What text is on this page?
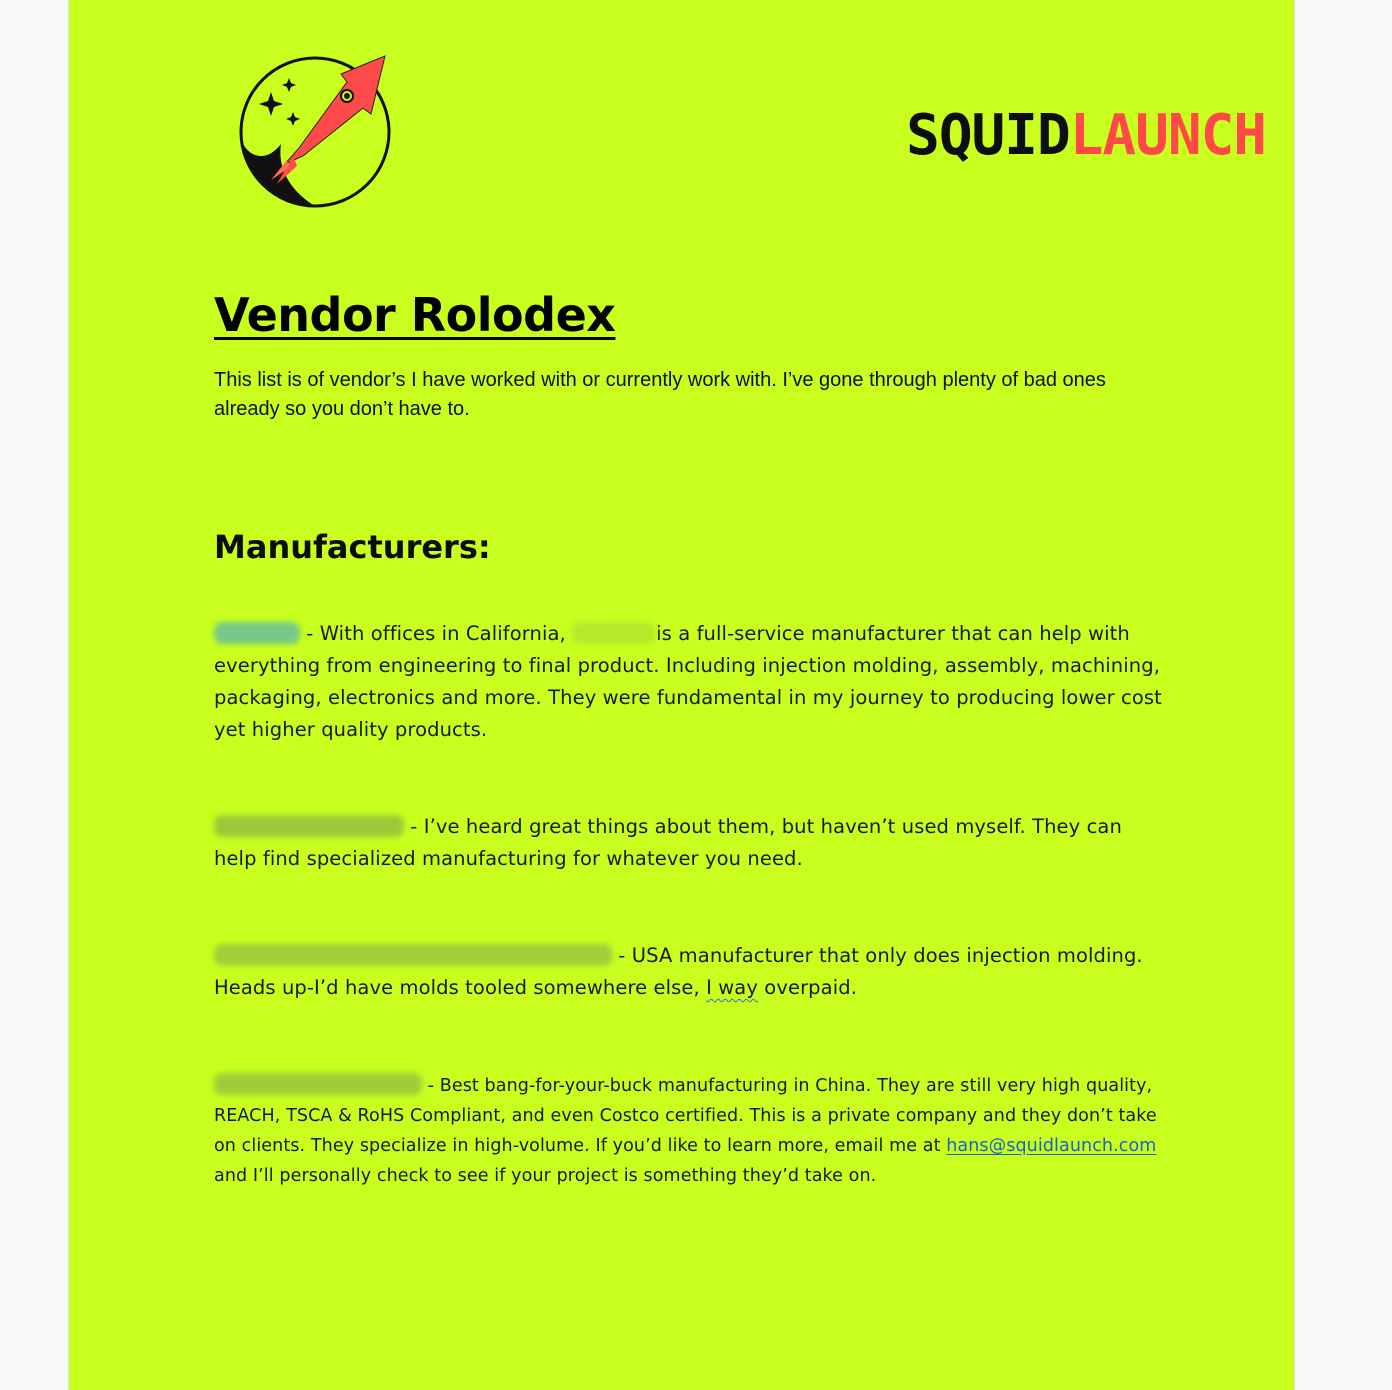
SQUIDLAUNCH
Vendor Rolodex

This list is of vendor’s I have worked with or currently work with. I’ve gone through plenty of bad ones already so you don’t have to.

Manufacturers:

- With offices in California,	is a full-service manufacturer that can help with everything from engineering to final product. Including injection molding, assembly, machining, packaging, electronics and more. They were fundamental in my journey to producing lower cost yet higher quality products.

- I’ve heard great things about them, but haven’t used myself. They can help find specialized manufacturing for whatever you need.

- USA manufacturer that only does injection molding. Heads up-I’d have molds tooled somewhere else, I way overpaid.

- Best bang-for-your-buck manufacturing in China. They are still very high quality, REACH, TSCA & RoHS Compliant, and even Costco certified. This is a private company and they don’t take on clients. They specialize in high-volume. If you’d like to learn more, email me at hans@squidlaunch.com and I’ll personally check to see if your project is something they’d take on.
